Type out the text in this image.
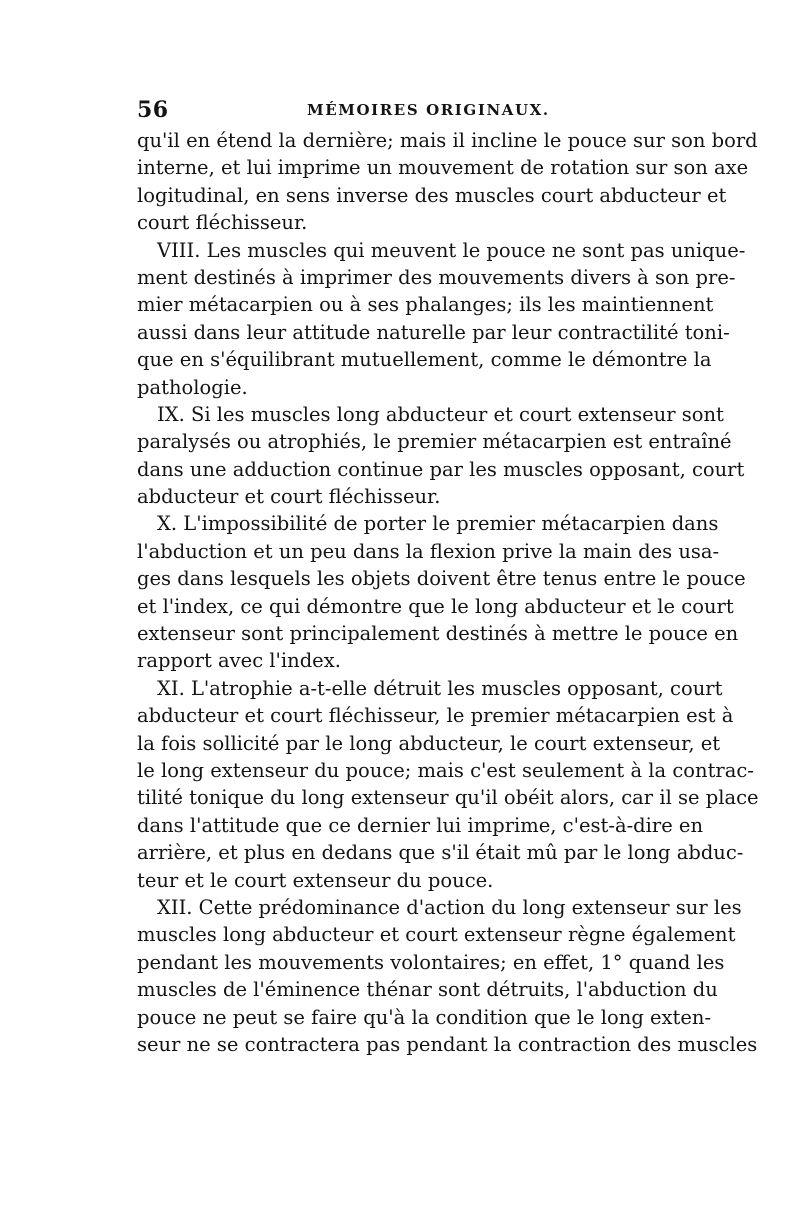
56	MÉMOIRES ORIGINAUX.
qu'il en étend la dernière; mais il incline le pouce sur son bord
interne, et lui imprime un mouvement de rotation sur son axe
logitudinal, en sens inverse des muscles court abducteur et
court fléchisseur.
VIII. Les muscles qui meuvent le pouce ne sont pas unique-
ment destinés à imprimer des mouvements divers à son pre-
mier métacarpien ou à ses phalanges; ils les maintiennent
aussi dans leur attitude naturelle par leur contractilité toni-
que en s'équilibrant mutuellement, comme le démontre la
pathologie.
IX. Si les muscles long abducteur et court extenseur sont
paralysés ou atrophiés, le premier métacarpien est entraîné
dans une adduction continue par les muscles opposant, court
abducteur et court fléchisseur.
X. L'impossibilité de porter le premier métacarpien dans
l'abduction et un peu dans la flexion prive la main des usa-
ges dans lesquels les objets doivent être tenus entre le pouce
et l'index, ce qui démontre que le long abducteur et le court
extenseur sont principalement destinés à mettre le pouce en
rapport avec l'index.
XI. L'atrophie a-t-elle détruit les muscles opposant, court
abducteur et court fléchisseur, le premier métacarpien est à
la fois sollicité par le long abducteur, le court extenseur, et
le long extenseur du pouce; mais c'est seulement à la contrac-
tilité tonique du long extenseur qu'il obéit alors, car il se place
dans l'attitude que ce dernier lui imprime, c'est-à-dire en
arrière, et plus en dedans que s'il était mû par le long abduc-
teur et le court extenseur du pouce.
XII. Cette prédominance d'action du long extenseur sur les
muscles long abducteur et court extenseur règne également
pendant les mouvements volontaires; en effet, 1° quand les
muscles de l'éminence thénar sont détruits, l'abduction du
pouce ne peut se faire qu'à la condition que le long exten-
seur ne se contractera pas pendant la contraction des muscles
